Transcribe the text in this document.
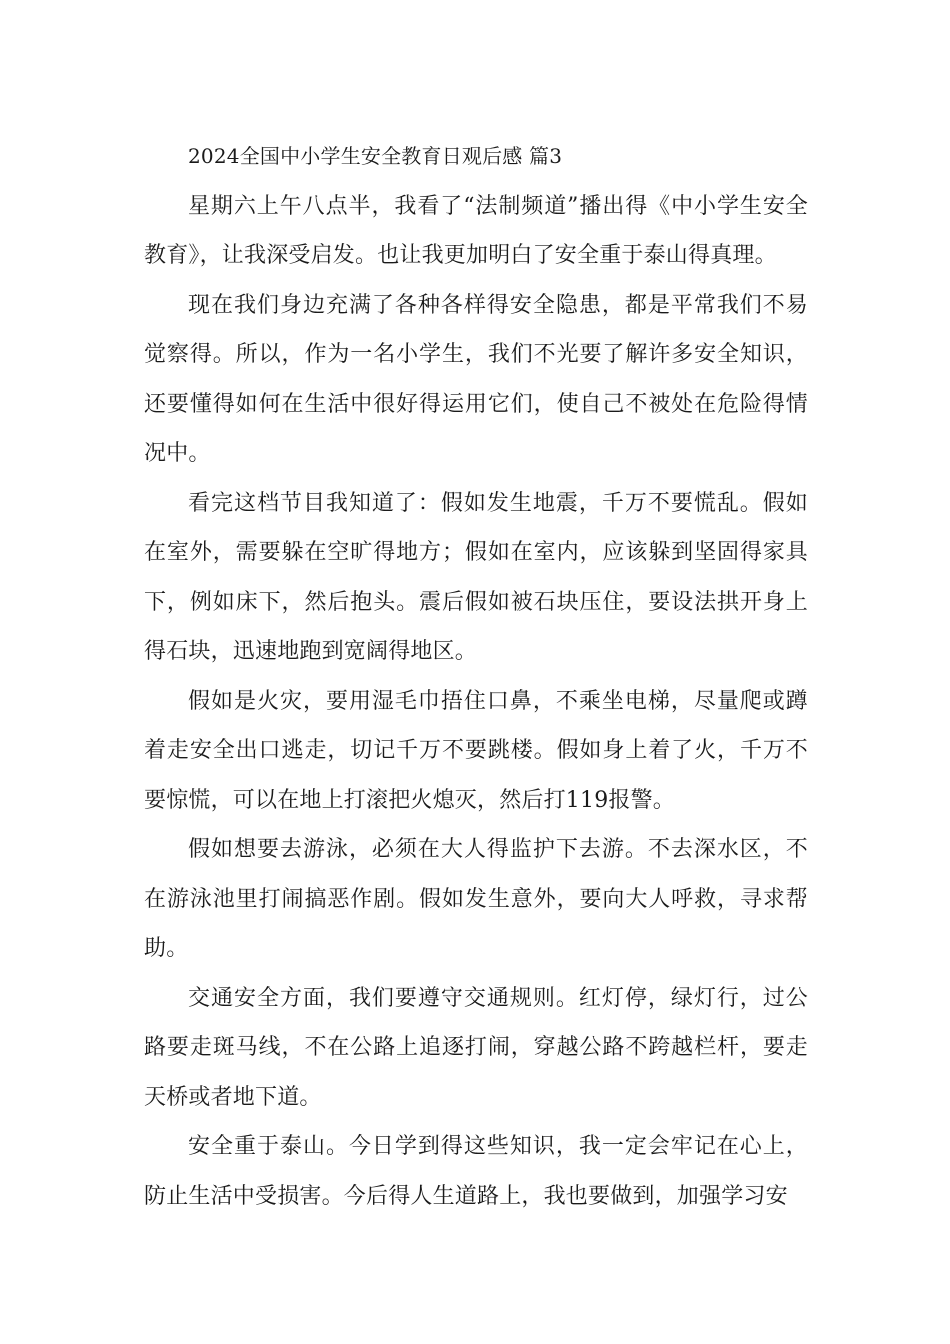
2024全国中小学生安全教育日观后感 篇3

星期六上午八点半，我看了“法制频道”播出得《中小学生安全教育》，让我深受启发。也让我更加明白了安全重于泰山得真理。

现在我们身边充满了各种各样得安全隐患，都是平常我们不易觉察得。所以，作为一名小学生，我们不光要了解许多安全知识，还要懂得如何在生活中很好得运用它们，使自己不被处在危险得情况中。

看完这档节目我知道了：假如发生地震，千万不要慌乱。假如在室外，需要躲在空旷得地方；假如在室内，应该躲到坚固得家具下，例如床下，然后抱头。震后假如被石块压住，要设法拱开身上得石块，迅速地跑到宽阔得地区。

假如是火灾，要用湿毛巾捂住口鼻，不乘坐电梯，尽量爬或蹲着走安全出口逃走，切记千万不要跳楼。假如身上着了火，千万不要惊慌，可以在地上打滚把火熄灭，然后打119报警。

假如想要去游泳，必须在大人得监护下去游。不去深水区，不在游泳池里打闹搞恶作剧。假如发生意外，要向大人呼救，寻求帮助。

交通安全方面，我们要遵守交通规则。红灯停，绿灯行，过公路要走斑马线，不在公路上追逐打闹，穿越公路不跨越栏杆，要走天桥或者地下道。

安全重于泰山。今日学到得这些知识，我一定会牢记在心上，防止生活中受损害。今后得人生道路上，我也要做到，加强学习安
